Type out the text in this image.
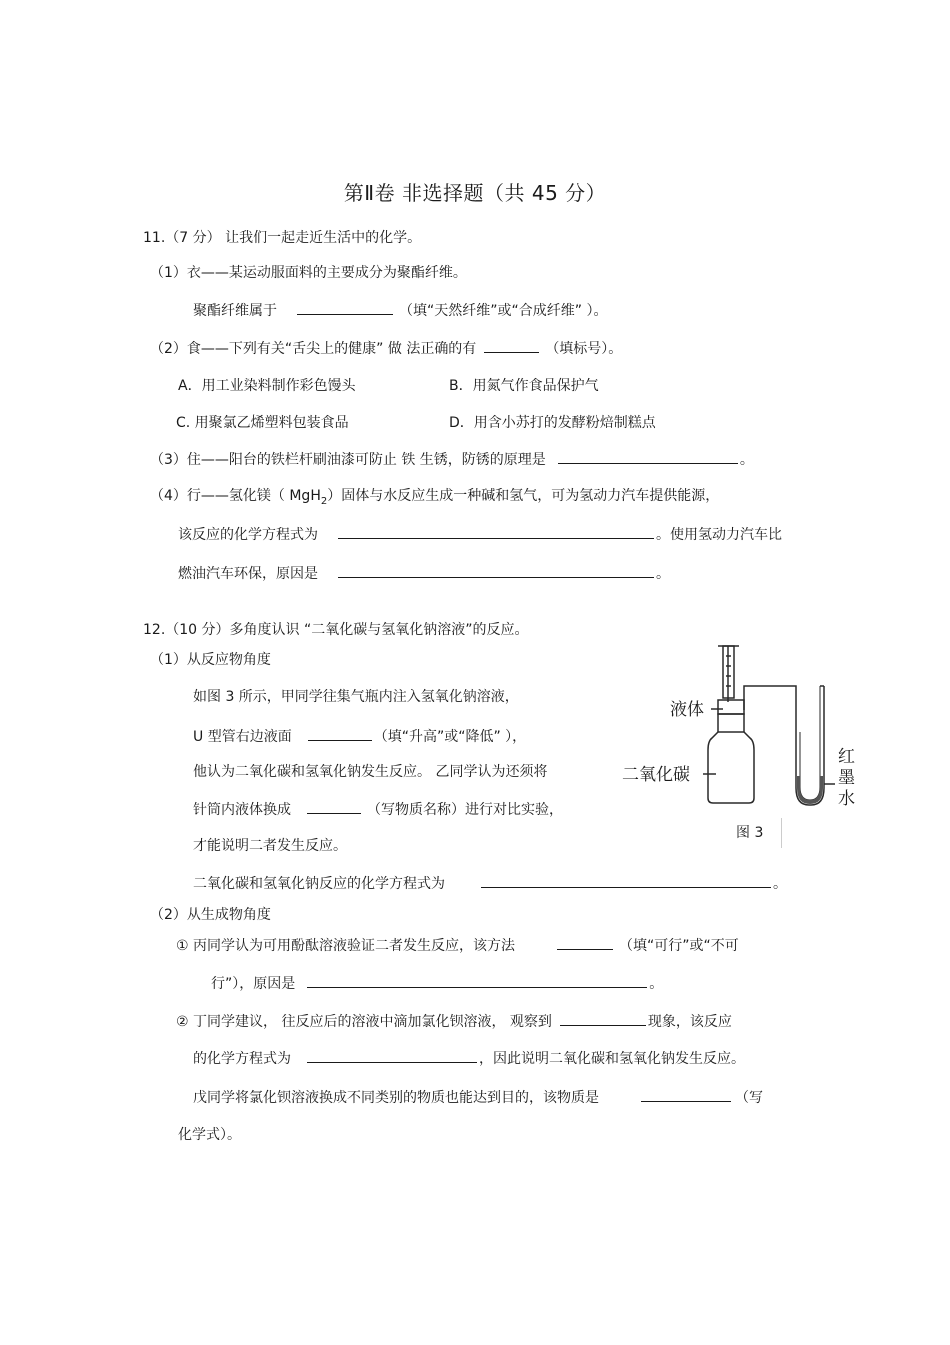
第Ⅱ卷 非选择题（共 45 分）
11.（7 分） 让我们一起走近生活中的化学。
（1）衣——某运动服面料的主要成分为聚酯纤维。
聚酯纤维属于	（填“天然纤维”或“合成纤维” ）。
（2）食——下列有关“舌尖上的健康” 做 法正确的有	（填标号）。
A．用工业染料制作彩色馒头	B．用氮气作食品保护气
C. 用聚氯乙烯塑料包装食品	D．用含小苏打的发酵粉焙制糕点
（3）住——阳台的铁栏杆刷油漆可防止 铁 生锈，防锈的原理是	。
（4）行——氢化镁（ MgH$_2$）固体与水反应生成一种碱和氢气，可为氢动力汽车提供能源，
该反应的化学方程式为	。使用氢动力汽车比
燃油汽车环保，原因是	。
12.（10 分）多角度认识 “二氧化碳与氢氧化钠溶液”的反应。
（1）从反应物角度
如图 3 所示，甲同学往集气瓶内注入氢氧化钠溶液，
U 型管右边液面	（填“升高”或“降低” ），
他认为二氧化碳和氢氧化钠发生反应。 乙同学认为还须将
针筒内液体换成	（写物质名称）进行对比实验，
才能说明二者发生反应。
二氧化碳和氢氧化钠反应的化学方程式为	。
（2）从生成物角度
① 丙同学认为可用酚酞溶液验证二者发生反应，该方法	（填“可行”或“不可
行”），原因是	。
② 丁同学建议， 往反应后的溶液中滴加氯化钡溶液， 观察到	现象，该反应
的化学方程式为	，因此说明二氧化碳和氢氧化钠发生反应。
戊同学将氯化钡溶液换成不同类别的物质也能达到目的，该物质是	（写
化学式）。
液体
二氧化碳
红
墨
水
图 3
